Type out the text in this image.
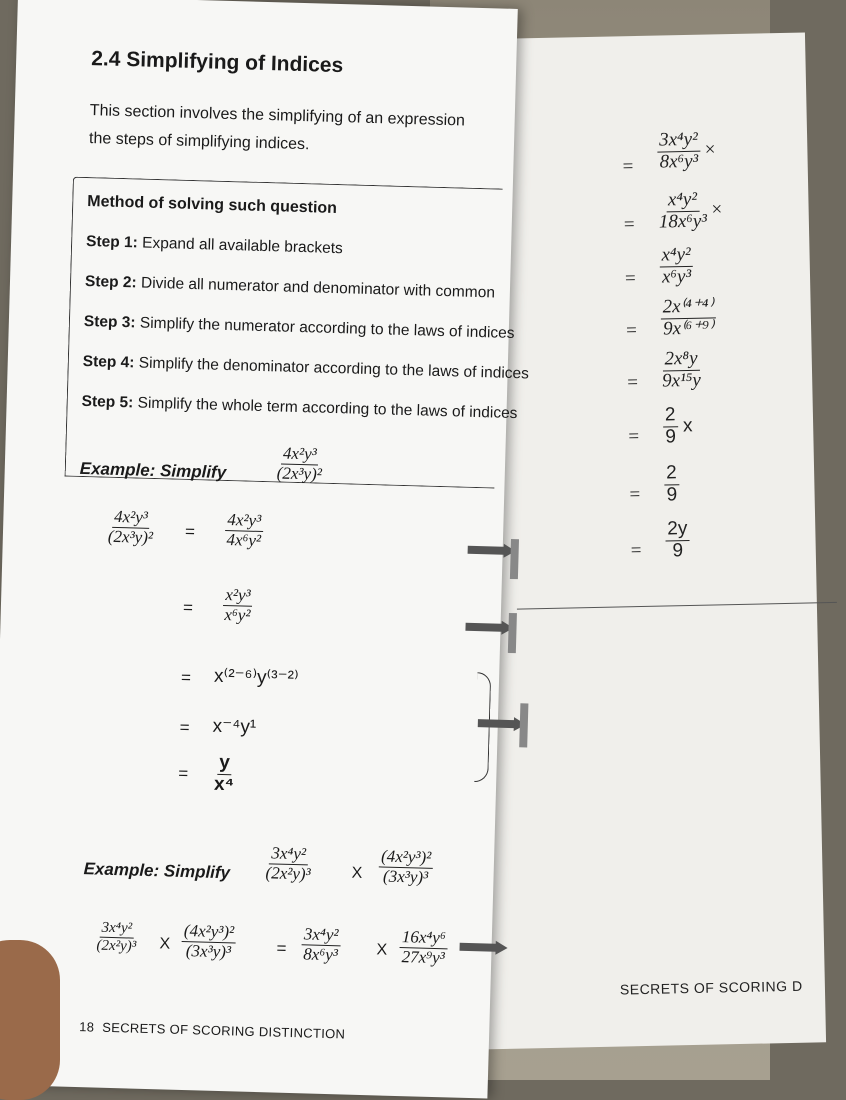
= $\frac{\text{3x⁴y²}}{\text{8x⁶y³}}$ ×
= $\frac{\text{x⁴y²}}{\text{18x⁶y³}}$ ×
= $\frac{\text{x⁴y²}}{\text{x⁶y³}}$
= $\frac{\text{2x⁽⁴⁺⁴⁾}}{\text{9x⁽⁶⁺⁹⁾}}$
= $\frac{\text{2x⁸y}}{\text{9x¹⁵y}}$
= $\frac{2}{9}$ x
= $\frac{2}{9}$
= $\frac{2y}{9}$
SECRETS OF SCORING D
2.4 Simplifying of Indices
This section involves the simplifying of an expression
the steps of simplifying indices.
Method of solving such question
Step 1: Expand all available brackets
Step 2: Divide all numerator and denominator with common
Step 3: Simplify the numerator according to the laws of indices
Step 4: Simplify the denominator according to the laws of indices
Step 5: Simplify the whole term according to the laws of indices
Example: Simplify	$\frac{\text{4x²y³}}{\text{(2x³y)²}}$
$\frac{\text{4x²y³}}{\text{(2x³y)²}} = \frac{\text{4x²y³}}{\text{4x⁶y²}}$
= $\frac{\text{x²y³}}{\text{x⁶y²}}$
= x⁽²⁻⁶⁾y⁽³⁻²⁾
= x⁻⁴y¹
= $\frac{y}{\text{x⁴}}$
Example: Simplify $\frac{\text{3x⁴y²}}{\text{(2x²y)³}}$ X $\frac{\text{(4x²y³)²}}{\text{(3x³y)³}}$
$\frac{\text{3x⁴y²}}{\text{(2x²y)³}}$ X $\frac{\text{(4x²y³)²}}{\text{(3x³y)³}} = \frac{\text{3x⁴y²}}{\text{8x⁶y³}}$ X $\frac{\text{16x⁴y⁶}}{\text{27x⁹y³}}$
18 SECRETS OF SCORING DISTINCTION
